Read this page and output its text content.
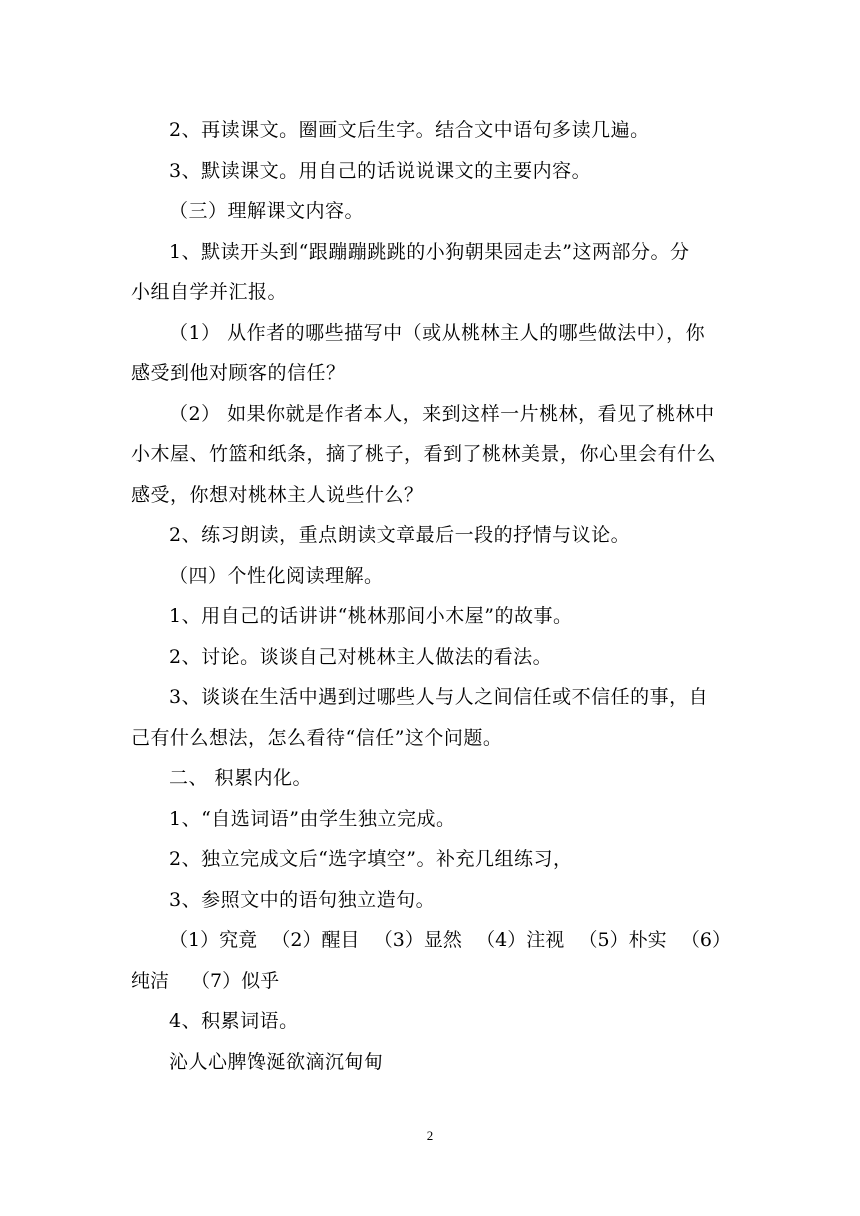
2、再读课文。圈画文后生字。结合文中语句多读几遍。

3、默读课文。用自己的话说说课文的主要内容。

（三）理解课文内容。

1、默读开头到“跟蹦蹦跳跳的小狗朝果园走去”这两部分。分

小组自学并汇报。

（1） 从作者的哪些描写中（或从桃林主人的哪些做法中），你

感受到他对顾客的信任？

（2） 如果你就是作者本人，来到这样一片桃林，看见了桃林中

小木屋、竹篮和纸条，摘了桃子，看到了桃林美景，你心里会有什么

感受，你想对桃林主人说些什么？

2、练习朗读，重点朗读文章最后一段的抒情与议论。

（四）个性化阅读理解。

1、用自己的话讲讲“桃林那间小木屋”的故事。

2、讨论。谈谈自己对桃林主人做法的看法。

3、谈谈在生活中遇到过哪些人与人之间信任或不信任的事，自

己有什么想法，怎么看待“信任”这个问题。

二、 积累内化。

1、“自选词语”由学生独立完成。

2、独立完成文后“选字填空”。补充几组练习，

3、参照文中的语句独立造句。

（1）究竟 （2）醒目 （3）显然 （4）注视 （5）朴实 （6）
纯洁 （7）似乎

4、积累词语。

沁人心脾馋涎欲滴沉甸甸

2
